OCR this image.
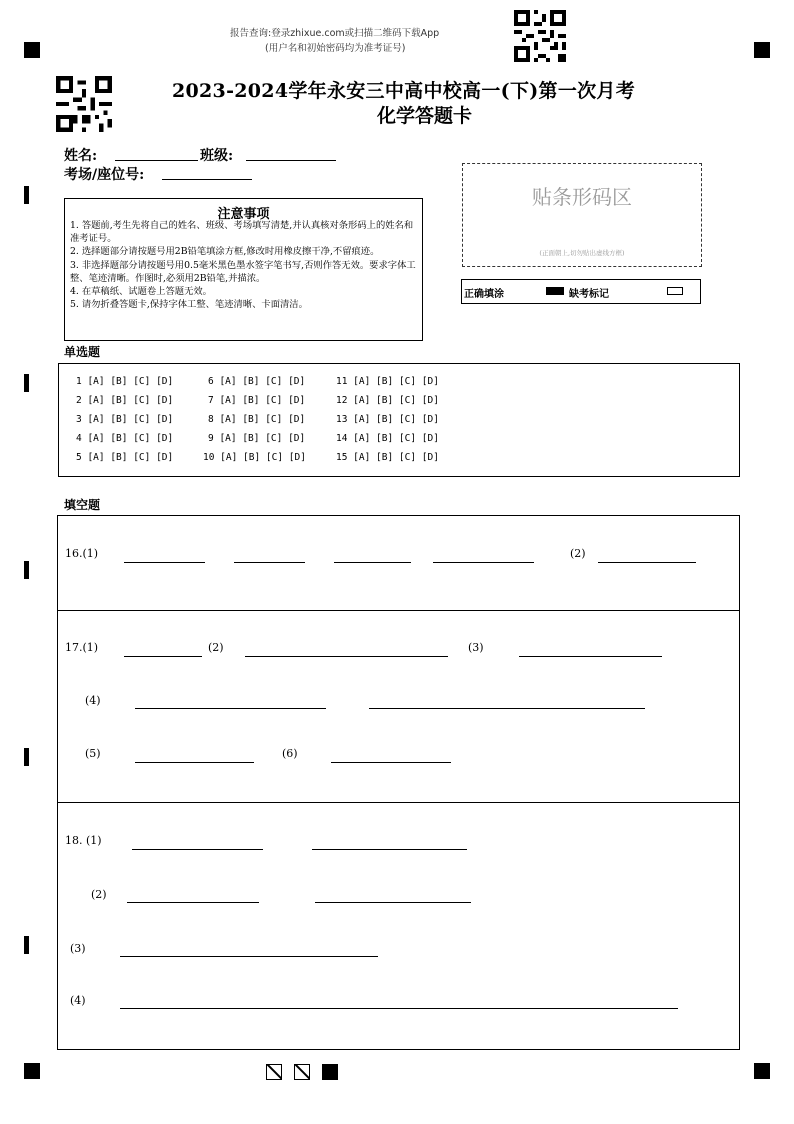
报告查询:登录zhixue.com或扫描二维码下载App
(用户名和初始密码均为准考证号)
2023-2024学年永安三中高中校高一(下)第一次月考
化学答题卡
姓名:	班级:
考场/座位号:
贴条形码区
(正面朝上,切勿贴出虚线方框)
正确填涂	缺考标记
注意事项
1. 答题前,考生先将自己的姓名、班级、考场填写清楚,并认真核对条形码上的姓名和准考证号。
2. 选择题部分请按题号用2B铅笔填涂方框,修改时用橡皮擦干净,不留痕迹。
3. 非选择题部分请按题号用0.5毫米黑色墨水签字笔书写,否则作答无效。要求字体工整、笔迹清晰。作图时,必须用2B铅笔,并描浓。
4. 在草稿纸、试题卷上答题无效。
5. 请勿折叠答题卡,保持字体工整、笔迹清晰、卡面清洁。
单选题
1 [A] [B] [C] [D]	6 [A] [B] [C] [D]	11 [A] [B] [C] [D]
2 [A] [B] [C] [D]	7 [A] [B] [C] [D]	12 [A] [B] [C] [D]
3 [A] [B] [C] [D]	8 [A] [B] [C] [D]	13 [A] [B] [C] [D]
4 [A] [B] [C] [D]	9 [A] [B] [C] [D]	14 [A] [B] [C] [D]
5 [A] [B] [C] [D]	10 [A] [B] [C] [D]	15 [A] [B] [C] [D]
填空题
16.(1)	(2)
17.(1)	(2)	(3)
(4)
(5)	(6)
18. (1)
(2)
(3)
(4)
